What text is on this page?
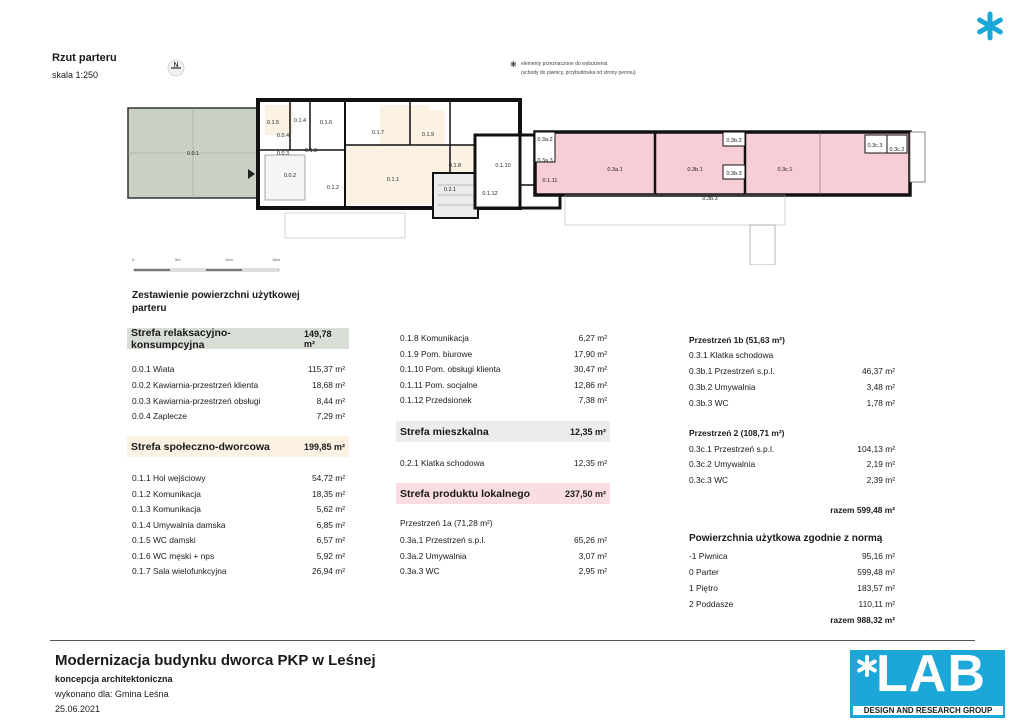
Rzut parteru
skala 1:250
N	✱ elementy przeznaczone do wyburzenia
(schody do piwnicy, przybudówka od strony peronu)
0.0.1
0.0.2
0.0.3
0.0.4
0.1.5	0.1.4	0.1.6
0.1.3
0.1.7	0.1.9
0.1.8	0.1.10
0.1.2
0.1.1
0.2.1
0.1.12
0.1.11
0.3a.2
0.3a.3
0.3a.1
0.3b.2
0.3b.3
0.3b.1
0.3b.3
0.3c.1
0.3c.3
0.3c.2
0	5m	10m	15m
Zestawienie powierzchni użytkowej
parteru
Strefa relaksacyjno-konsumpcyjna
149,78 m²
0.0.1 Wiata	115,37 m²
0.0.2 Kawiarnia-przestrzeń klienta	18,68 m²
0.0.3 Kawiarnia-przestrzeń obsługi	8,44 m²
0.0.4 Zaplecze	7,29 m²
Strefa społeczno-dworcowa	199,85 m²
0.1.1 Hol wejściowy	54,72 m²
0.1.2 Komunikacja	18,35 m²
0.1.3 Komunikacja	5,62 m²
0.1.4 Umywalnia damska	6,85 m²
0.1.5 WC damski	6,57 m²
0.1.6 WC męski + nps	5,92 m²
0.1.7 Sala wielofunkcyjna	26,94 m²
0.1.8 Komunikacja	6,27 m²
0.1.9 Pom. biurowe	17,90 m²
0.1.10 Pom. obsługi klienta	30,47 m²
0.1.11 Pom. socjalne	12,86 m²
0.1.12 Przedsionek	7,38 m²
Strefa mieszkalna	12,35 m²
0.2.1 Klatka schodowa	12,35 m²
Strefa produktu lokalnego	237,50 m²
Przestrzeń 1a (71,28 m²)
0.3a.1 Przestrzeń s.p.l.	65,26 m²
0.3a.2 Umywalnia	3,07 m²
0.3a.3 WC	2,95 m²
Przestrzeń 1b (51,63 m²)
0.3.1 Klatka schodowa
0.3b.1 Przestrzeń s.p.l.	46,37 m²
0.3b.2 Umywalnia	3,48 m²
0.3b.3 WC	1,78 m²
Przestrzeń 2 (108,71 m²)
0.3c.1 Przestrzeń s.p.l.	104,13 m²
0.3c.2 Umywalnia	2,19 m²
0.3c.3 WC	2,39 m²
razem 599,48 m²
Powierzchnia użytkowa zgodnie z normą
-1 Piwnica	95,16 m²
0 Parter	599,48 m²
1 Piętro	183,57 m²
2 Poddasze	110,11 m²
razem 988,32 m²
Modernizacja budynku dworca PKP w Leśnej
koncepcja architektoniczna
wykonano dla: Gmina Leśna
25.06.2021
LAB
DESIGN AND RESEARCH GROUP
